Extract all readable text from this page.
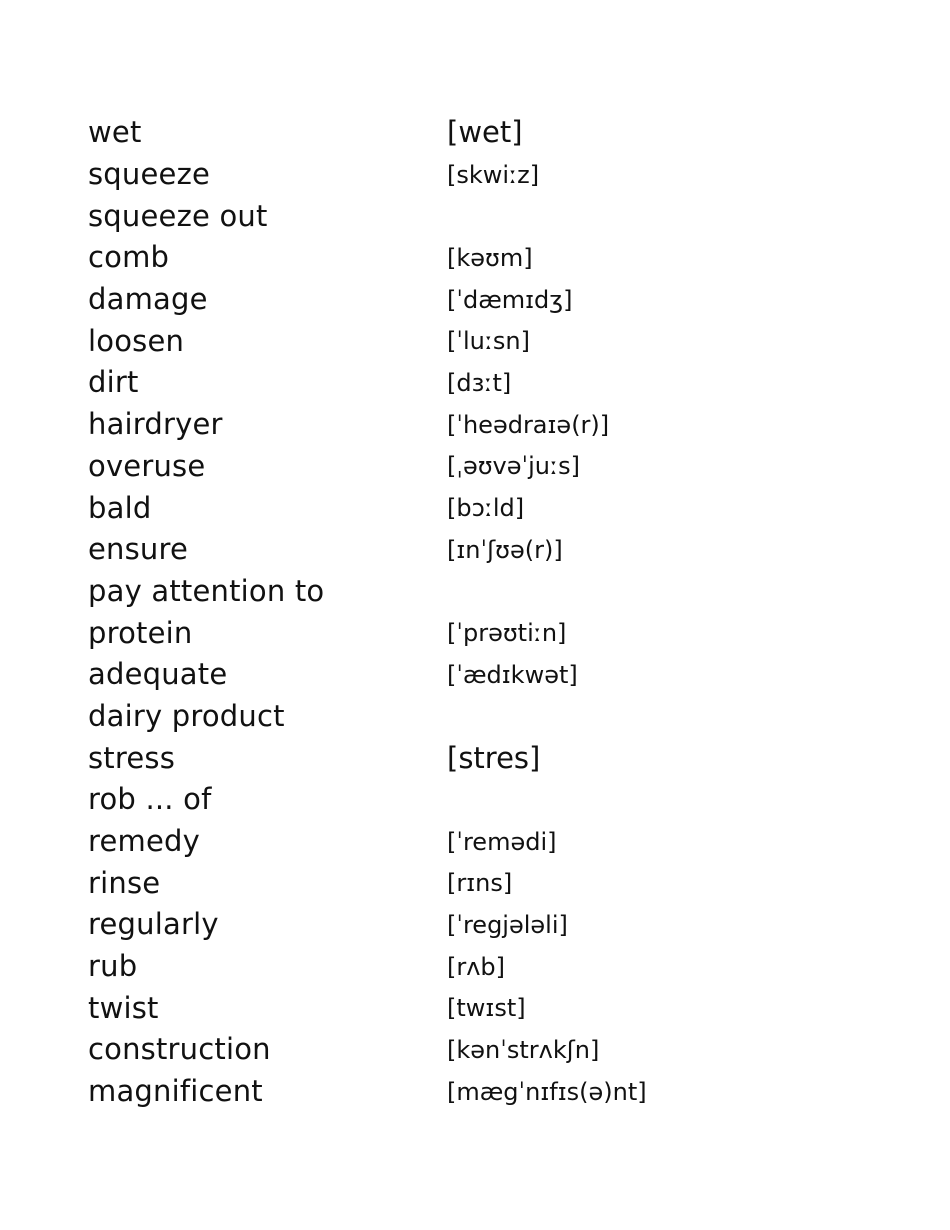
wet	[wet]
squeeze	[skwiːz]
squeeze out
comb	[kəʊm]
damage	[ˈdæmɪdʒ]
loosen	[ˈluːsn]
dirt	[dɜːt]
hairdryer	[ˈheədraɪə(r)]
overuse	[ˌəʊvəˈjuːs]
bald	[bɔːld]
ensure	[ɪnˈʃʊə(r)]
pay attention to
protein	[ˈprəʊtiːn]
adequate	[ˈædɪkwət]
dairy product
stress	[stres]
rob ... of
remedy	[ˈremədi]
rinse	[rɪns]
regularly	[ˈregjələli]
rub	[rʌb]
twist	[twɪst]
construction	[kənˈstrʌkʃn]
magnificent	[mægˈnɪfɪs(ə)nt]
